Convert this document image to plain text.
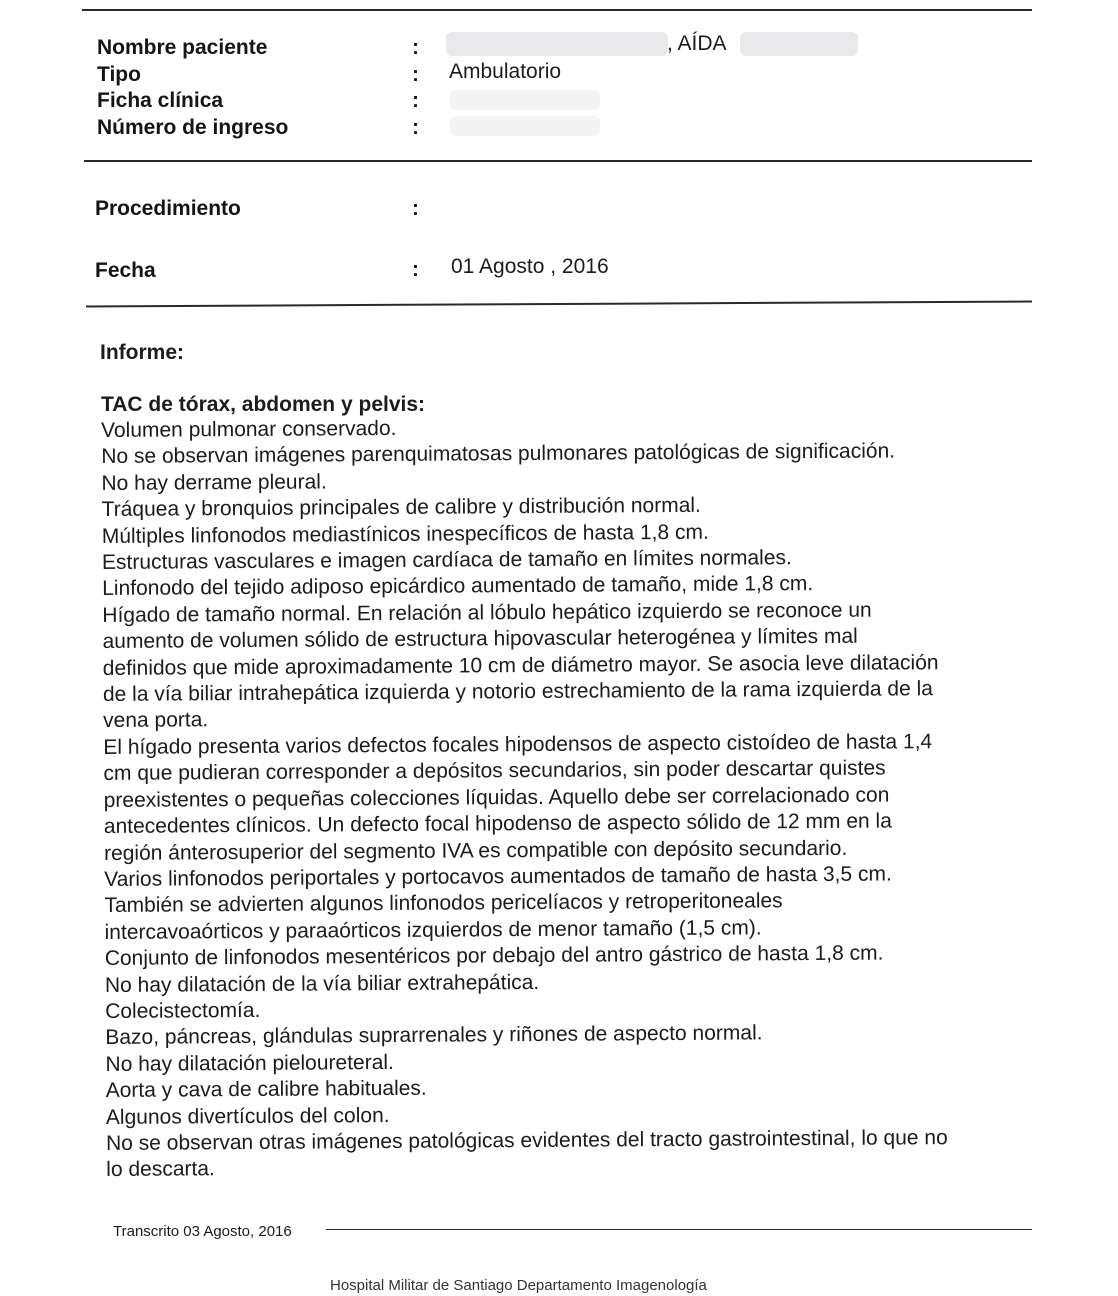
Nombre paciente
Tipo
Ficha clínica
Número de ingreso
:
:
:
:
, AÍDA
Ambulatorio
Procedimiento	:
Fecha	: 01 Agosto , 2016
Informe:
TAC de tórax, abdomen y pelvis:
Volumen pulmonar conservado.
No se observan imágenes parenquimatosas pulmonares patológicas de significación.
No hay derrame pleural.
Tráquea y bronquios principales de calibre y distribución normal.
Múltiples linfonodos mediastínicos inespecíficos de hasta 1,8 cm.
Estructuras vasculares e imagen cardíaca de tamaño en límites normales.
Linfonodo del tejido adiposo epicárdico aumentado de tamaño, mide 1,8 cm.
Hígado de tamaño normal. En relación al lóbulo hepático izquierdo se reconoce un
aumento de volumen sólido de estructura hipovascular heterogénea y límites mal
definidos que mide aproximadamente 10 cm de diámetro mayor. Se asocia leve dilatación
de la vía biliar intrahepática izquierda y notorio estrechamiento de la rama izquierda de la
vena porta.
El hígado presenta varios defectos focales hipodensos de aspecto cistoídeo de hasta 1,4
cm que pudieran corresponder a depósitos secundarios, sin poder descartar quistes
preexistentes o pequeñas colecciones líquidas. Aquello debe ser correlacionado con
antecedentes clínicos. Un defecto focal hipodenso de aspecto sólido de 12 mm en la
región ánterosuperior del segmento IVA es compatible con depósito secundario.
Varios linfonodos periportales y portocavos aumentados de tamaño de hasta 3,5 cm.
También se advierten algunos linfonodos pericelíacos y retroperitoneales
intercavoaórticos y paraaórticos izquierdos de menor tamaño (1,5 cm).
Conjunto de linfonodos mesentéricos por debajo del antro gástrico de hasta 1,8 cm.
No hay dilatación de la vía biliar extrahepática.
Colecistectomía.
Bazo, páncreas, glándulas suprarrenales y riñones de aspecto normal.
No hay dilatación pieloureteral.
Aorta y cava de calibre habituales.
Algunos divertículos del colon.
No se observan otras imágenes patológicas evidentes del tracto gastrointestinal, lo que no
lo descarta.
Transcrito 03 Agosto, 2016
Hospital Militar de Santiago Departamento Imagenología
